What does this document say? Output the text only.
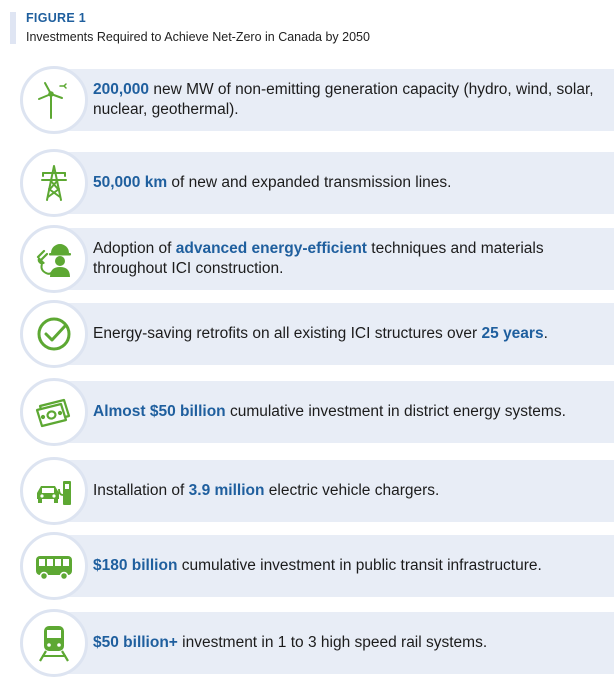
FIGURE 1
Investments Required to Achieve Net-Zero in Canada by 2050

200,000 new MW of non-emitting generation capacity (hydro, wind, solar, nuclear, geothermal).

50,000 km of new and expanded transmission lines.

Adoption of advanced energy-efficient techniques and materials throughout ICI construction.

Energy-saving retrofits on all existing ICI structures over 25 years.

Almost $50 billion cumulative investment in district energy systems.

Installation of 3.9 million electric vehicle chargers.

$180 billion cumulative investment in public transit infrastructure.

$50 billion+ investment in 1 to 3 high speed rail systems.
